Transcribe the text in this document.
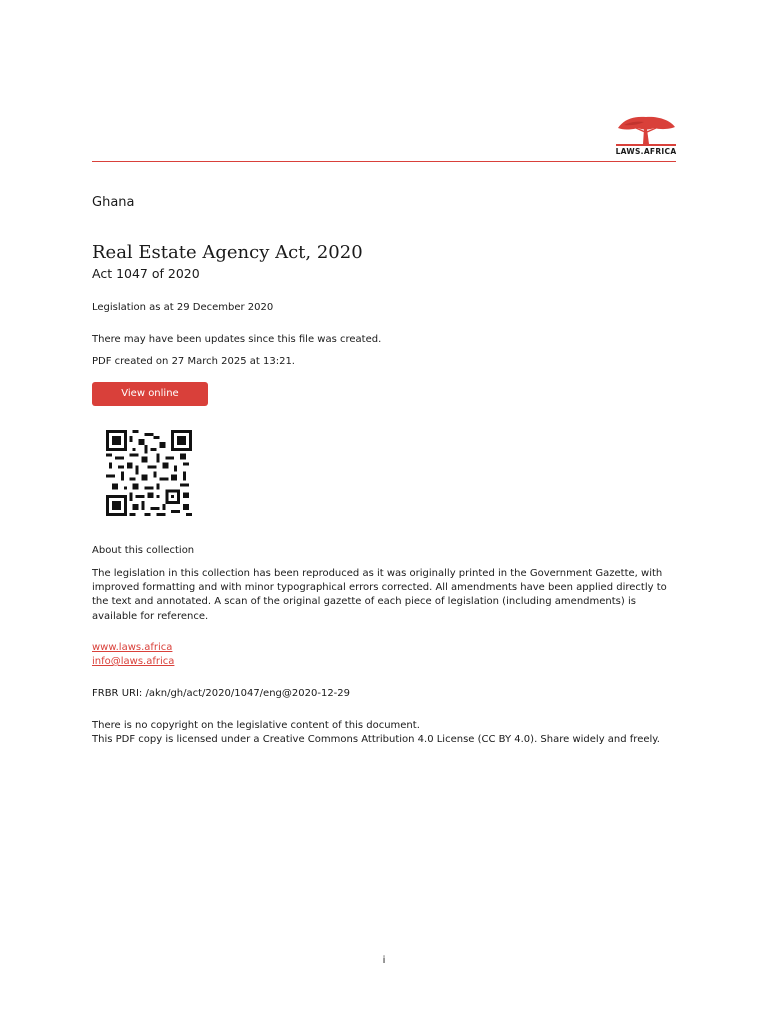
LAWS.AFRICA
Ghana
Real Estate Agency Act, 2020
Act 1047 of 2020
Legislation as at 29 December 2020
There may have been updates since this file was created.
PDF created on 27 March 2025 at 13:21.
View online
About this collection
The legislation in this collection has been reproduced as it was originally printed in the Government Gazette, with improved formatting and with minor typographical errors corrected. All amendments have been applied directly to the text and annotated. A scan of the original gazette of each piece of legislation (including amendments) is available for reference.
www.laws.africa
info@laws.africa
FRBR URI: /akn/gh/act/2020/1047/eng@2020-12-29
There is no copyright on the legislative content of this document.
This PDF copy is licensed under a Creative Commons Attribution 4.0 License (CC BY 4.0). Share widely and freely.
i
